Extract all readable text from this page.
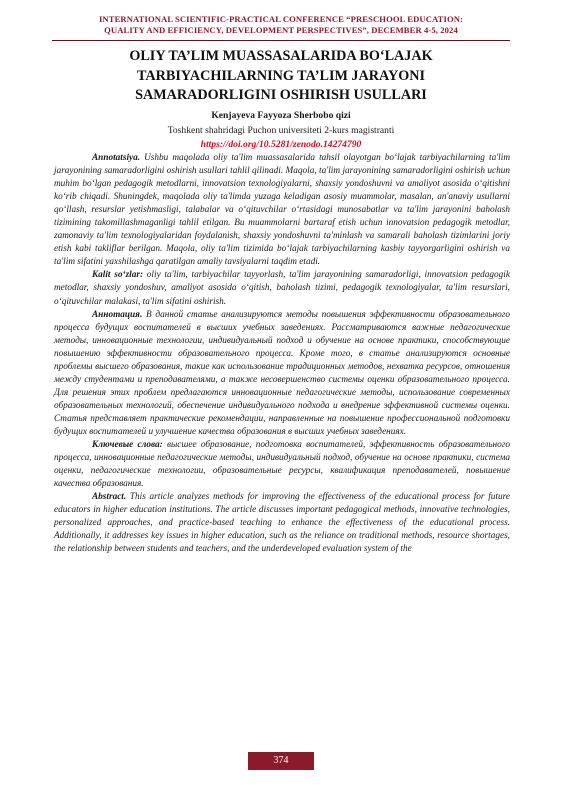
INTERNATIONAL SCIENTIFIC-PRACTICAL CONFERENCE “PRESCHOOL EDUCATION:
QUALITY AND EFFICIENCY, DEVELOPMENT PERSPECTIVES”, DECEMBER 4-5, 2024
OLIY TA’LIM MUASSASALARIDA BO‘LAJAK
TARBIYACHILARNING TA’LIM JARAYONI
SAMARADORLIGINI OSHIRISH USULLARI
Kenjayeva Fayyoza Sherbobo qizi
Toshkent shahridagi Puchon universiteti 2-kurs magistranti
https://doi.org/10.5281/zenodo.14274790

Annotatsiya. Ushbu maqolada oliy ta'lim muassasalarida tahsil olayotgan bo‘lajak tarbiyachilarning ta'lim jarayonining samaradorligini oshirish usullari tahlil qilinadi. Maqola, ta'lim jarayonining samaradorligini oshirish uchun muhim bo‘lgan pedagogik metodlarni, innovatsion texnologiyalarni, shaxsiy yondoshuvni va amaliyot asosida o‘qitishni ko‘rib chiqadi. Shuningdek, maqolada oliy ta'limda yuzaga keladigan asosiy muammolar, masalan, an'anaviy usullarni qo‘llash, resurslar yetishmasligi, talabalar va o‘qituvchilar o‘rtasidagi munosabatlar va ta'lim jarayonini baholash tizimining takomillashmaganligi tahlil etilgan. Bu muammolarni bartaraf etish uchun innovatsion pedagogik metodlar, zamonaviy ta'lim texnologiyalaridan foydalanish, shaxsiy yondoshuvni ta'minlash va samarali baholash tizimlarini joriy etish kabi takliflar berilgan. Maqola, oliy ta'lim tizimida bo‘lajak tarbiyachilarning kasbiy tayyorgarligini oshirish va ta'lim sifatini yaxshilashga qaratilgan amaliy tavsiyalarni taqdim etadi.

Kalit so‘zlar: oliy ta'lim, tarbiyachilar tayyorlash, ta'lim jarayonining samaradorligi, innovatsion pedagogik metodlar, shaxsiy yondoshuv, amaliyot asosida o‘qitish, baholash tizimi, pedagogik texnologiyalar, ta'lim resurslari, o‘qituvchilar malakasi, ta'lim sifatini oshirish.

Аннотация. В данной статье анализируются методы повышения эффективности образовательного процесса будущих воспитателей в высших учебных заведениях. Рассматриваются важные педагогические методы, инновационные технологии, индивидуальный подход и обучение на основе практики, способствующие повышению эффективности образовательного процесса. Кроме того, в статье анализируются основные проблемы высшего образования, такие как использование традиционных методов, нехватка ресурсов, отношения между студентами и преподавателями, а также несовершенство системы оценки образовательного процесса. Для решения этих проблем предлагаются инновационные педагогические методы, использование современных образовательных технологий, обеспечение индивидуального подхода и внедрение эффективной системы оценки. Статья представляет практические рекомендации, направленные на повышение профессиональной подготовки будущих воспитателей и улучшение качества образования в высших учебных заведениях.

Ключевые слова: высшее образование, подготовка воспитателей, эффективность образовательного процесса, инновационные педагогические методы, индивидуальный подход, обучение на основе практики, система оценки, педагогические технологии, образовательные ресурсы, квалификация преподавателей, повышение качества образования.

Abstract. This article analyzes methods for improving the effectiveness of the educational process for future educators in higher education institutions. The article discusses important pedagogical methods, innovative technologies, personalized approaches, and practice-based teaching to enhance the effectiveness of the educational process. Additionally, it addresses key issues in higher education, such as the reliance on traditional methods, resource shortages, the relationship between students and teachers, and the underdeveloped evaluation system of the

374
